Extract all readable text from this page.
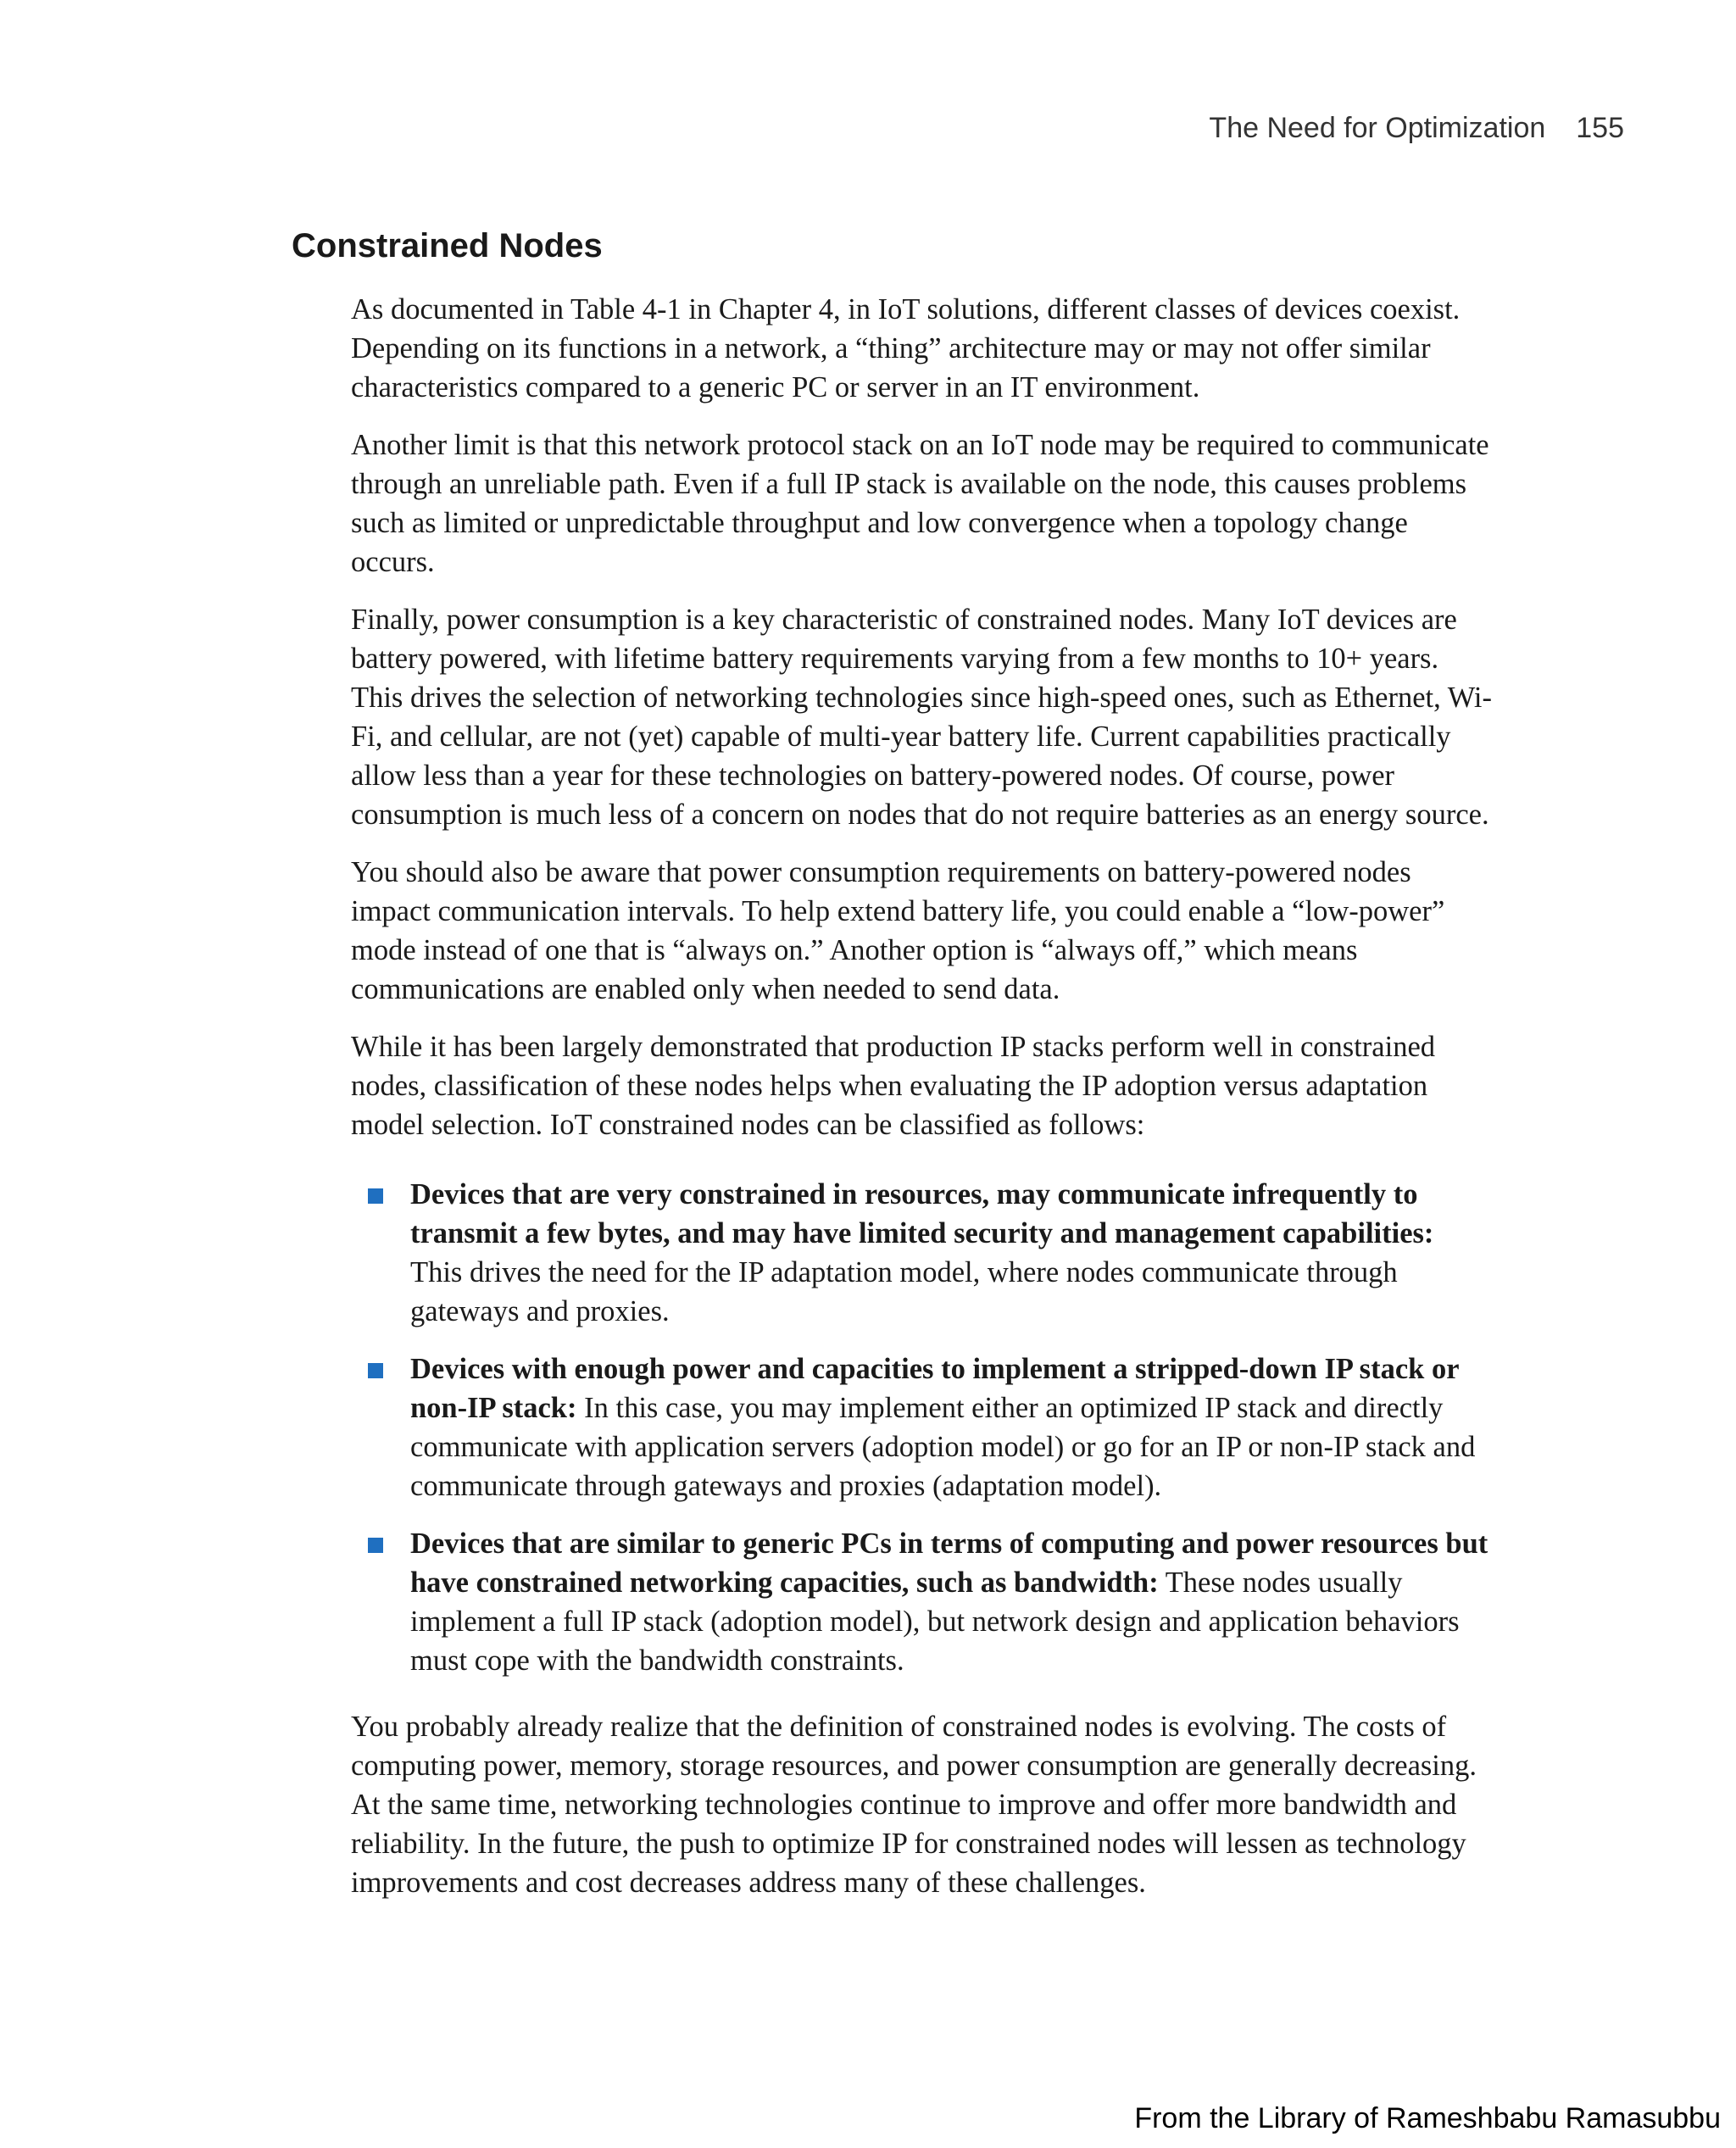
The Need for Optimization 155
Constrained Nodes

As documented in Table 4-1 in Chapter 4, in IoT solutions, different classes of devices coexist. Depending on its functions in a network, a “thing” architecture may or may not offer similar characteristics compared to a generic PC or server in an IT environment.

Another limit is that this network protocol stack on an IoT node may be required to communicate through an unreliable path. Even if a full IP stack is available on the node, this causes problems such as limited or unpredictable throughput and low convergence when a topology change occurs.

Finally, power consumption is a key characteristic of constrained nodes. Many IoT devices are battery powered, with lifetime battery requirements varying from a few months to 10+ years. This drives the selection of networking technologies since high-speed ones, such as Ethernet, Wi-Fi, and cellular, are not (yet) capable of multi-year battery life. Current capabilities practically allow less than a year for these technologies on battery-powered nodes. Of course, power consumption is much less of a concern on nodes that do not require batteries as an energy source.

You should also be aware that power consumption requirements on battery-powered nodes impact communication intervals. To help extend battery life, you could enable a “low-power” mode instead of one that is “always on.” Another option is “always off,” which means communications are enabled only when needed to send data.

While it has been largely demonstrated that production IP stacks perform well in constrained nodes, classification of these nodes helps when evaluating the IP adoption versus adaptation model selection. IoT constrained nodes can be classified as follows:

Devices that are very constrained in resources, may communicate infrequently to transmit a few bytes, and may have limited security and management capabilities: This drives the need for the IP adaptation model, where nodes communicate through gateways and proxies.
Devices with enough power and capacities to implement a stripped-down IP stack or non-IP stack: In this case, you may implement either an optimized IP stack and directly communicate with application servers (adoption model) or go for an IP or non-IP stack and communicate through gateways and proxies (adaptation model).
Devices that are similar to generic PCs in terms of computing and power resources but have constrained networking capacities, such as bandwidth: These nodes usually implement a full IP stack (adoption model), but network design and application behaviors must cope with the bandwidth constraints.

You probably already realize that the definition of constrained nodes is evolving. The costs of computing power, memory, storage resources, and power consumption are generally decreasing. At the same time, networking technologies continue to improve and offer more bandwidth and reliability. In the future, the push to optimize IP for constrained nodes will lessen as technology improvements and cost decreases address many of these challenges.

From the Library of Rameshbabu Ramasubbu
